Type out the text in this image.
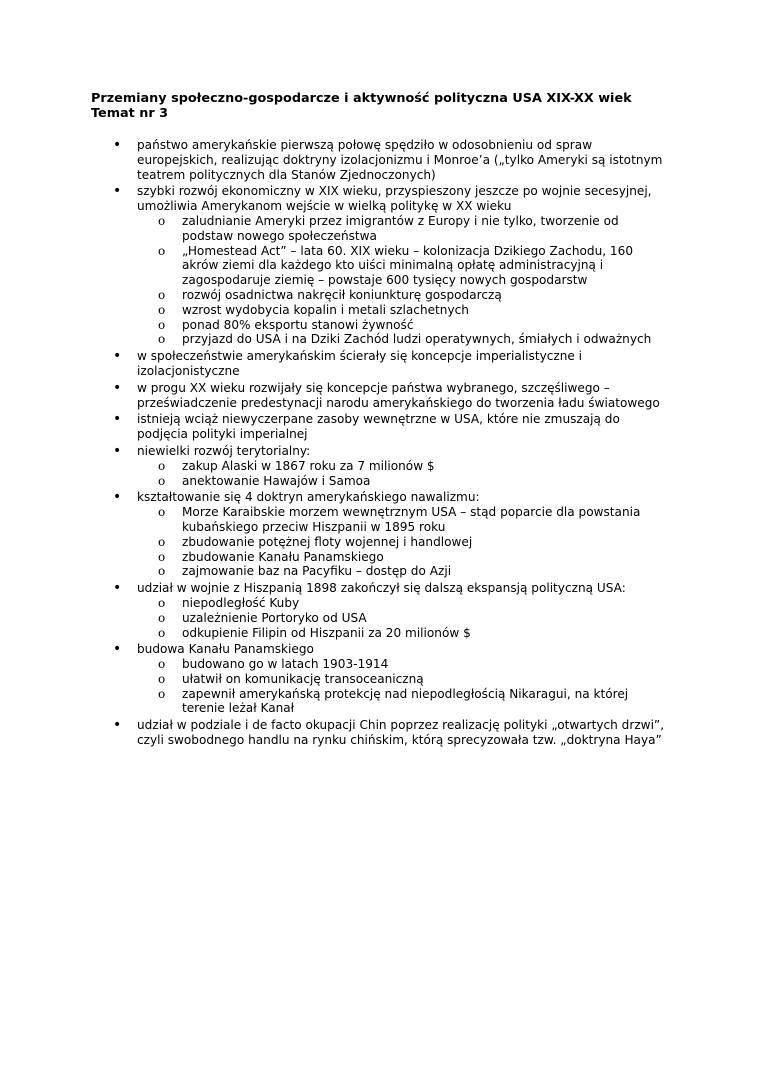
Przemiany społeczno-gospodarcze i aktywność polityczna USA XIX-XX wiek
Temat nr 3
• państwo amerykańskie pierwszą połowę spędziło w odosobnieniu od spraw
europejskich, realizując doktryny izolacjonizmu i Monroe’a („tylko Ameryki są istotnym
teatrem politycznych dla Stanów Zjednoczonych)
• szybki rozwój ekonomiczny w XIX wieku, przyspieszony jeszcze po wojnie secesyjnej,
umożliwia Amerykanom wejście w wielką politykę w XX wieku
o zaludnianie Ameryki przez imigrantów z Europy i nie tylko, tworzenie od
podstaw nowego społeczeństwa
o „Homestead Act” – lata 60. XIX wieku – kolonizacja Dzikiego Zachodu, 160
akrów ziemi dla każdego kto uiści minimalną opłatę administracyjną i
zagospodaruje ziemię – powstaje 600 tysięcy nowych gospodarstw
o rozwój osadnictwa nakręcił koniunkturę gospodarczą
o wzrost wydobycia kopalin i metali szlachetnych
o ponad 80% eksportu stanowi żywność
o przyjazd do USA i na Dziki Zachód ludzi operatywnych, śmiałych i odważnych
• w społeczeństwie amerykańskim ścierały się koncepcje imperialistyczne i
izolacjonistyczne
• w progu XX wieku rozwijały się koncepcje państwa wybranego, szczęśliwego –
przeświadczenie predestynacji narodu amerykańskiego do tworzenia ładu światowego
• istnieją wciąż niewyczerpane zasoby wewnętrzne w USA, które nie zmuszają do
podjęcia polityki imperialnej
• niewielki rozwój terytorialny:
o zakup Alaski w 1867 roku za 7 milionów $
o anektowanie Hawajów i Samoa
• kształtowanie się 4 doktryn amerykańskiego nawalizmu:
o Morze Karaibskie morzem wewnętrznym USA – stąd poparcie dla powstania
kubańskiego przeciw Hiszpanii w 1895 roku
o zbudowanie potężnej floty wojennej i handlowej
o zbudowanie Kanału Panamskiego
o zajmowanie baz na Pacyfiku – dostęp do Azji
• udział w wojnie z Hiszpanią 1898 zakończył się dalszą ekspansją polityczną USA:
o niepodległość Kuby
o uzależnienie Portoryko od USA
o odkupienie Filipin od Hiszpanii za 20 milionów $
• budowa Kanału Panamskiego
o budowano go w latach 1903-1914
o ułatwił on komunikację transoceaniczną
o zapewnił amerykańską protekcję nad niepodległością Nikaragui, na której
terenie leżał Kanał
• udział w podziale i de facto okupacji Chin poprzez realizację polityki „otwartych drzwi”,
czyli swobodnego handlu na rynku chińskim, którą sprecyzowała tzw. „doktryna Haya”
